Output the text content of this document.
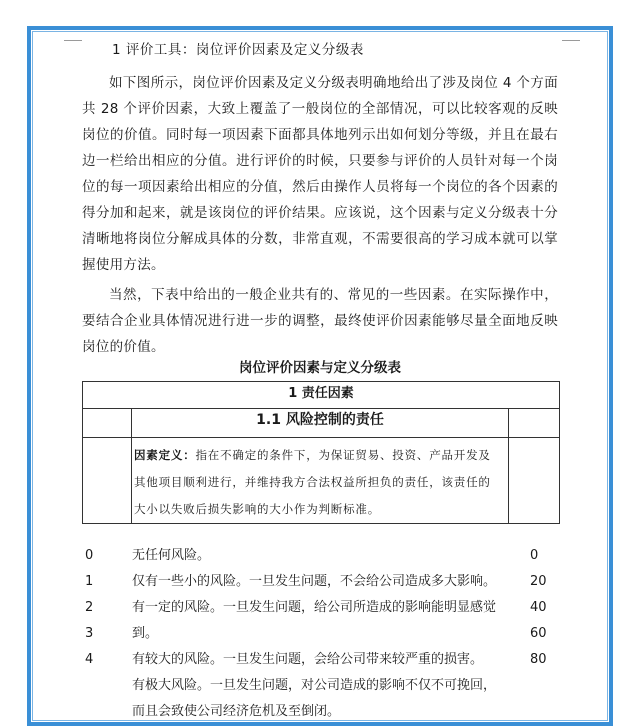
1 评价工具：岗位评价因素及定义分级表

如下图所示，岗位评价因素及定义分级表明确地给出了涉及岗位 4 个方面共 28 个评价因素，大致上覆盖了一般岗位的全部情况，可以比较客观的反映岗位的价值。同时每一项因素下面都具体地列示出如何划分等级，并且在最右边一栏给出相应的分值。进行评价的时候，只要参与评价的人员针对每一个岗位的每一项因素给出相应的分值，然后由操作人员将每一个岗位的各个因素的得分加和起来，就是该岗位的评价结果。应该说，这个因素与定义分级表十分清晰地将岗位分解成具体的分数，非常直观，不需要很高的学习成本就可以掌握使用方法。

当然，下表中给出的一般企业共有的、常见的一些因素。在实际操作中，要结合企业具体情况进行进一步的调整，最终使评价因素能够尽量全面地反映岗位的价值。

岗位评价因素与定义分级表
1 责任因素		
	1.1 风险控制的责任	

	因素定义：指在不确定的条件下，为保证贸易、投资、产品开发及其他项目顺利进行，并维持我方合法权益所担负的责任，该责任的大小以失败后损失影响的大小作为判断标准。	

0	无任何风险。	0
1	仅有一些小的风险。一旦发生问题，不会给公司造成多大影响。	20
2	有一定的风险。一旦发生问题，给公司所造成的影响能明显感觉	40
3	到。	60
4	有较大的风险。一旦发生问题，会给公司带来较严重的损害。	80
有极大风险。一旦发生问题，对公司造成的影响不仅不可挽回，
而且会致使公司经济危机及至倒闭。
